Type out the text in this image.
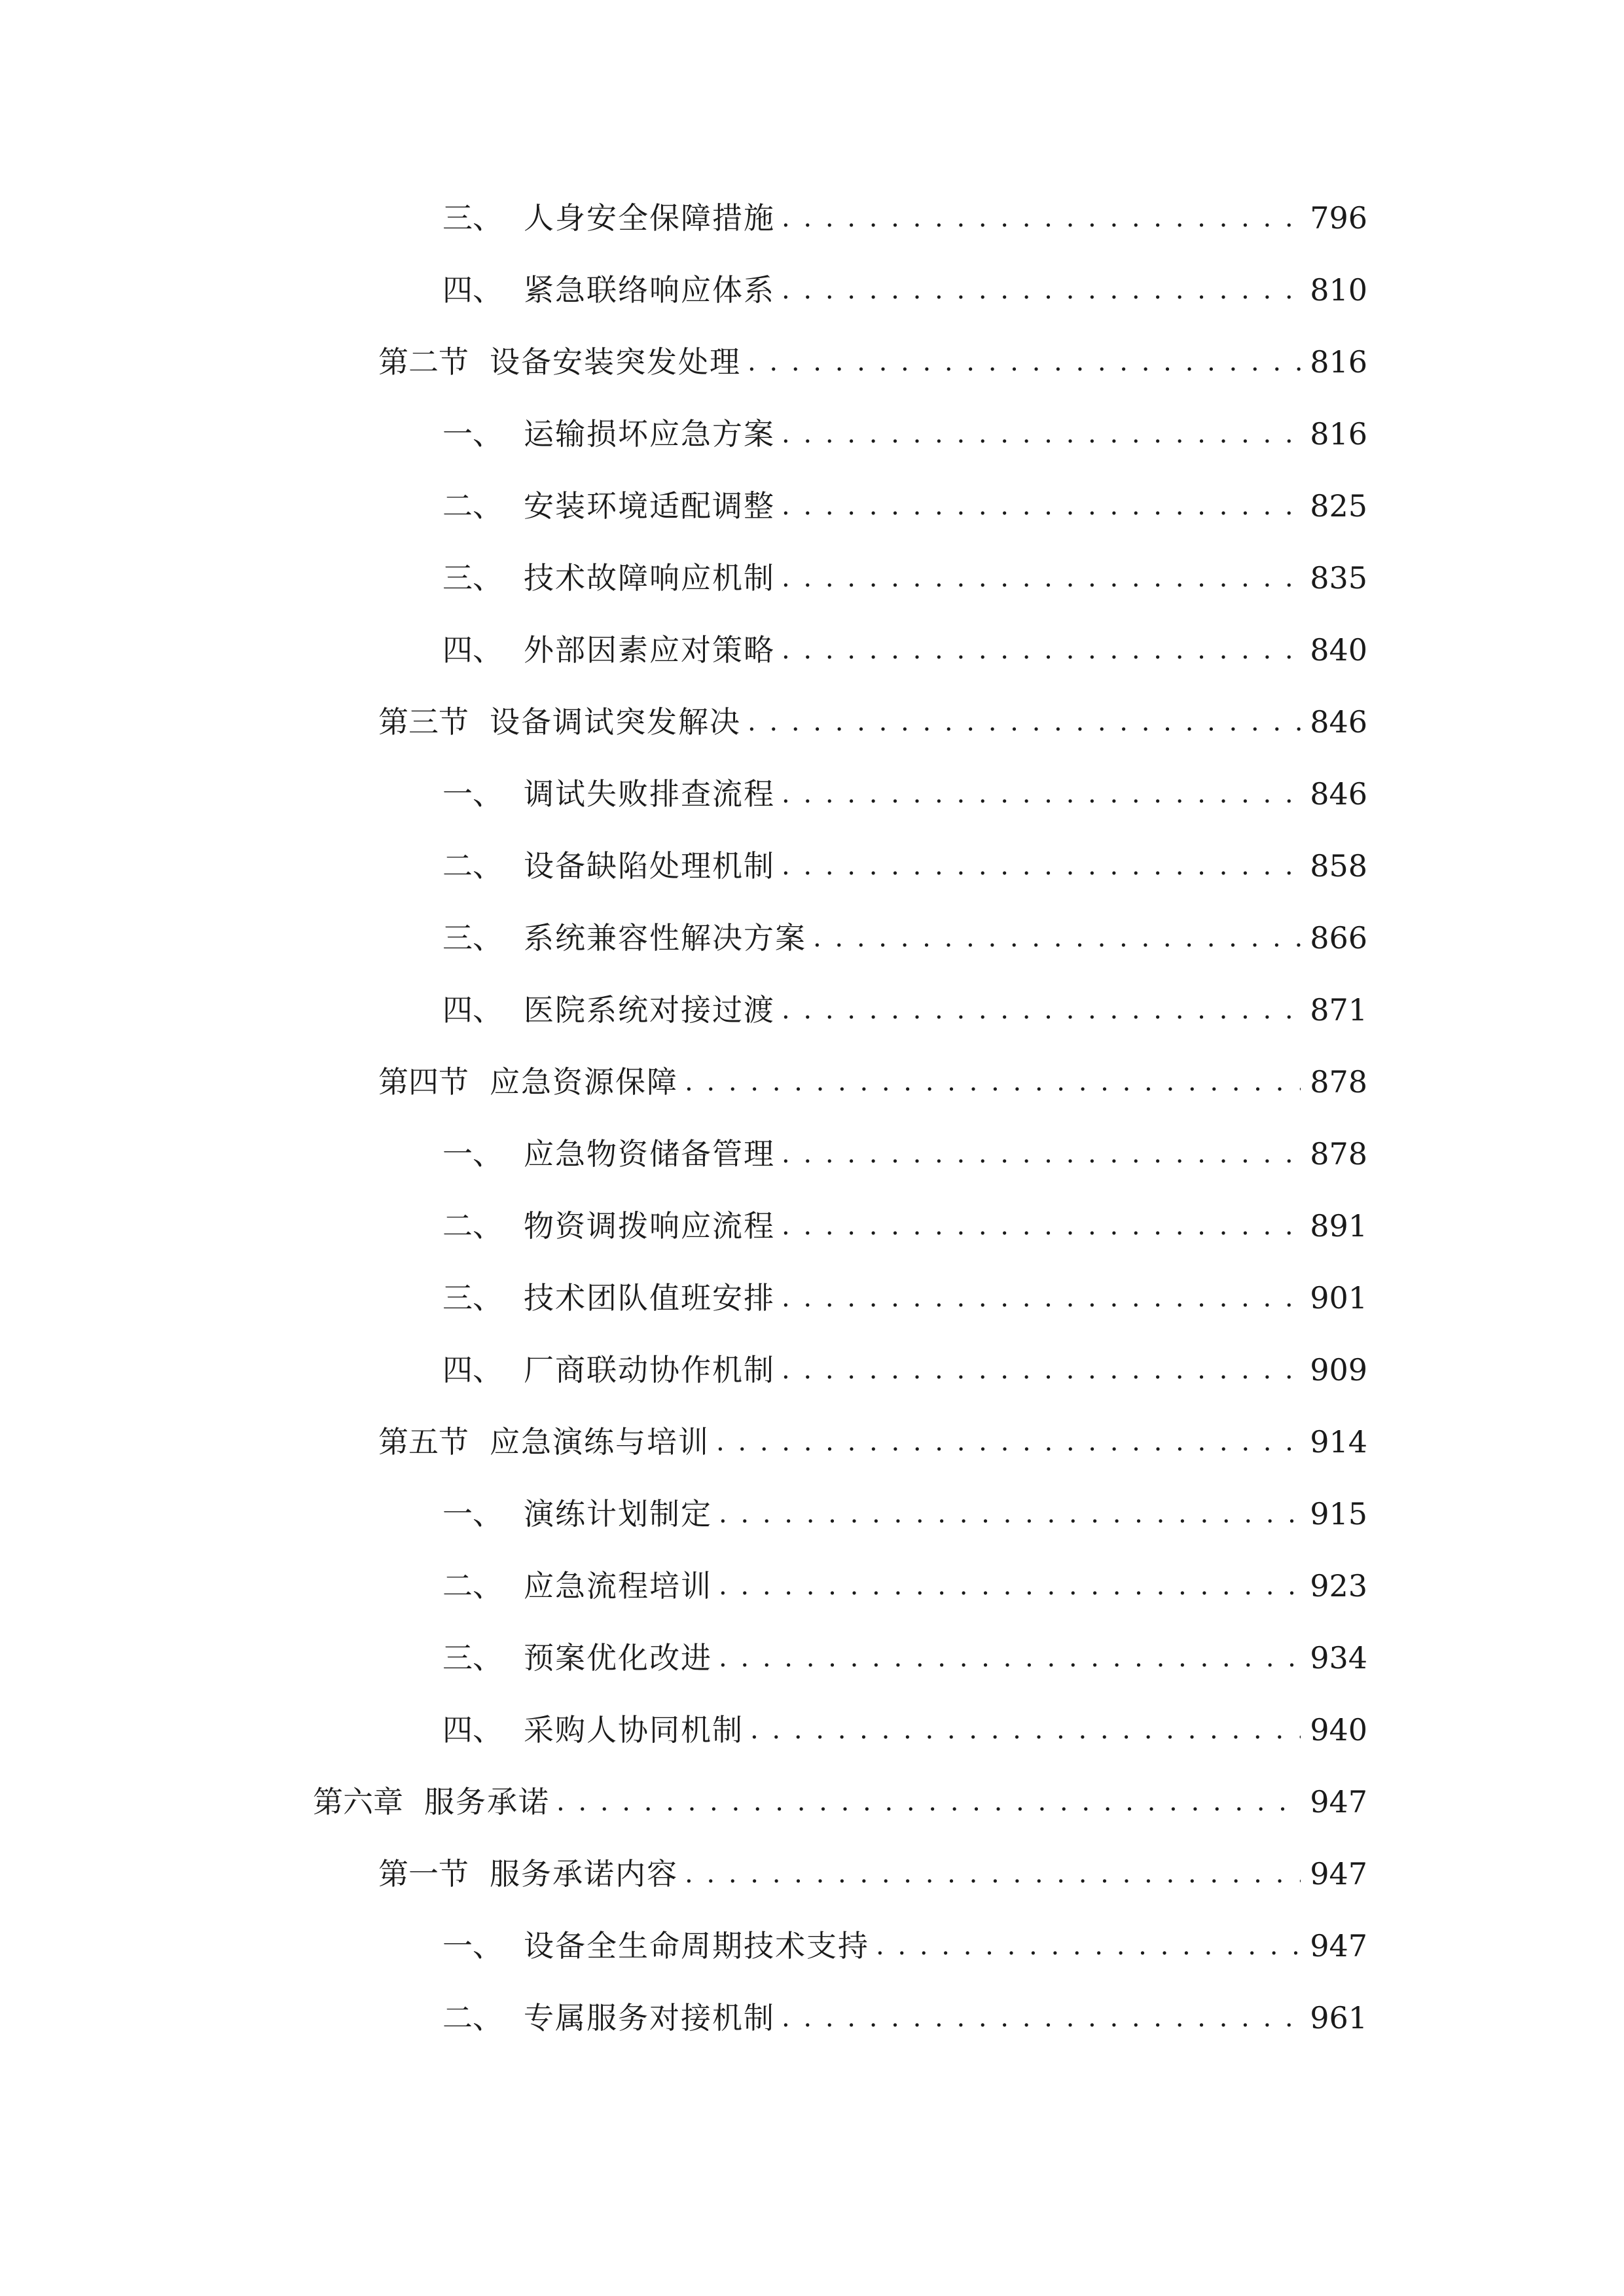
三、 人身安全保障措施 . . .	796
四、 紧急联络响应体系 . . .	810
第二节 设备安装突发处理 . . .	816
一、 运输损坏应急方案 . . .	816
二、 安装环境适配调整 . . .	825
三、 技术故障响应机制 . . .	835
四、 外部因素应对策略 . . .	840
第三节 设备调试突发解决 . . .	846
一、 调试失败排查流程 . . .	846
二、 设备缺陷处理机制 . . .	858
三、 系统兼容性解决方案 . . .	866
四、 医院系统对接过渡 . . .	871
第四节 应急资源保障 . . .	878
一、 应急物资储备管理 . . .	878
二、 物资调拨响应流程 . . .	891
三、 技术团队值班安排 . . .	901
四、 厂商联动协作机制 . . .	909
第五节 应急演练与培训 . . .	914
一、 演练计划制定 . . .	915
二、 应急流程培训 . . .	923
三、 预案优化改进 . . .	934
四、 采购人协同机制 . . .	940
第六章 服务承诺 . . .	947
第一节 服务承诺内容 . . .	947
一、 设备全生命周期技术支持 . . .	947
二、 专属服务对接机制 . . .	961
